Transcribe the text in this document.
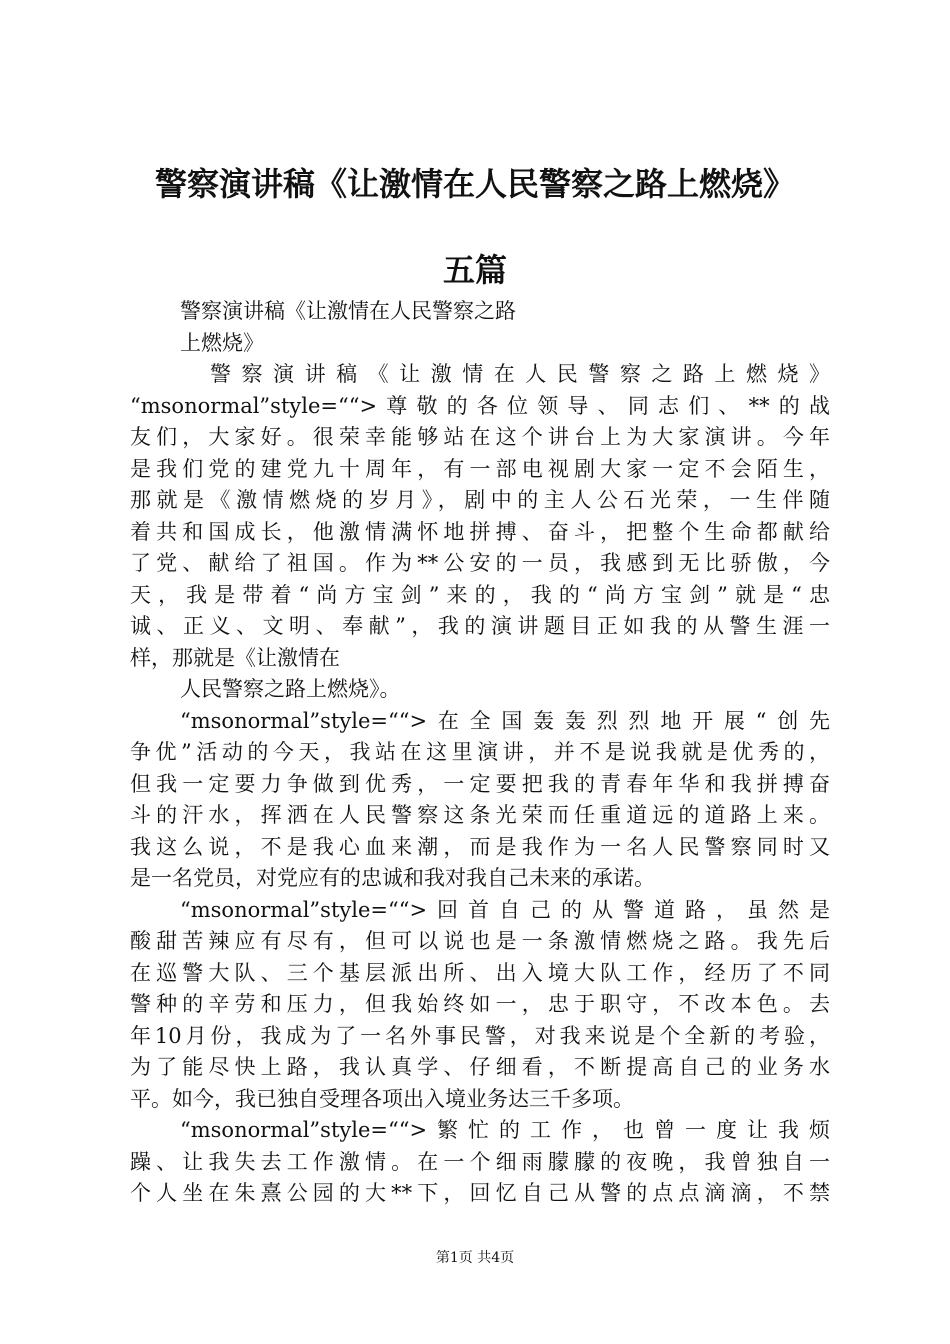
警察演讲稿《让激情在人民警察之路上燃烧》
五篇
警察演讲稿《让激情在人民警察之路
上燃烧》
警察演讲稿《让激情在人民警察之路上燃烧》
“msonormal”style=““>尊敬的各位领导、同志们、**的战
友们，大家好。很荣幸能够站在这个讲台上为大家演讲。今年
是我们党的建党九十周年，有一部电视剧大家一定不会陌生，
那就是《激情燃烧的岁月》，剧中的主人公石光荣，一生伴随
着共和国成长，他激情满怀地拼搏、奋斗，把整个生命都献给
了党、献给了祖国。作为**公安的一员，我感到无比骄傲，今
天，我是带着“尚方宝剑”来的，我的“尚方宝剑”就是“忠
诚、正义、文明、奉献”，我的演讲题目正如我的从警生涯一
样，那就是《让激情在
人民警察之路上燃烧》。
“msonormal”style=““>在全国轰轰烈烈地开展“创先
争优”活动的今天，我站在这里演讲，并不是说我就是优秀的，
但我一定要力争做到优秀，一定要把我的青春年华和我拼搏奋
斗的汗水，挥洒在人民警察这条光荣而任重道远的道路上来。
我这么说，不是我心血来潮，而是我作为一名人民警察同时又
是一名党员，对党应有的忠诚和我对我自己未来的承诺。
“msonormal”style=““>回首自己的从警道路，虽然是
酸甜苦辣应有尽有，但可以说也是一条激情燃烧之路。我先后
在巡警大队、三个基层派出所、出入境大队工作，经历了不同
警种的辛劳和压力，但我始终如一，忠于职守，不改本色。去
年10月份，我成为了一名外事民警，对我来说是个全新的考验，
为了能尽快上路，我认真学、仔细看，不断提高自己的业务水
平。如今，我已独自受理各项出入境业务达三千多项。
“msonormal”style=““>繁忙的工作，也曾一度让我烦
躁、让我失去工作激情。在一个细雨朦朦的夜晚，我曾独自一
个人坐在朱熹公园的大**下，回忆自己从警的点点滴滴，不禁
第1页 共4页
